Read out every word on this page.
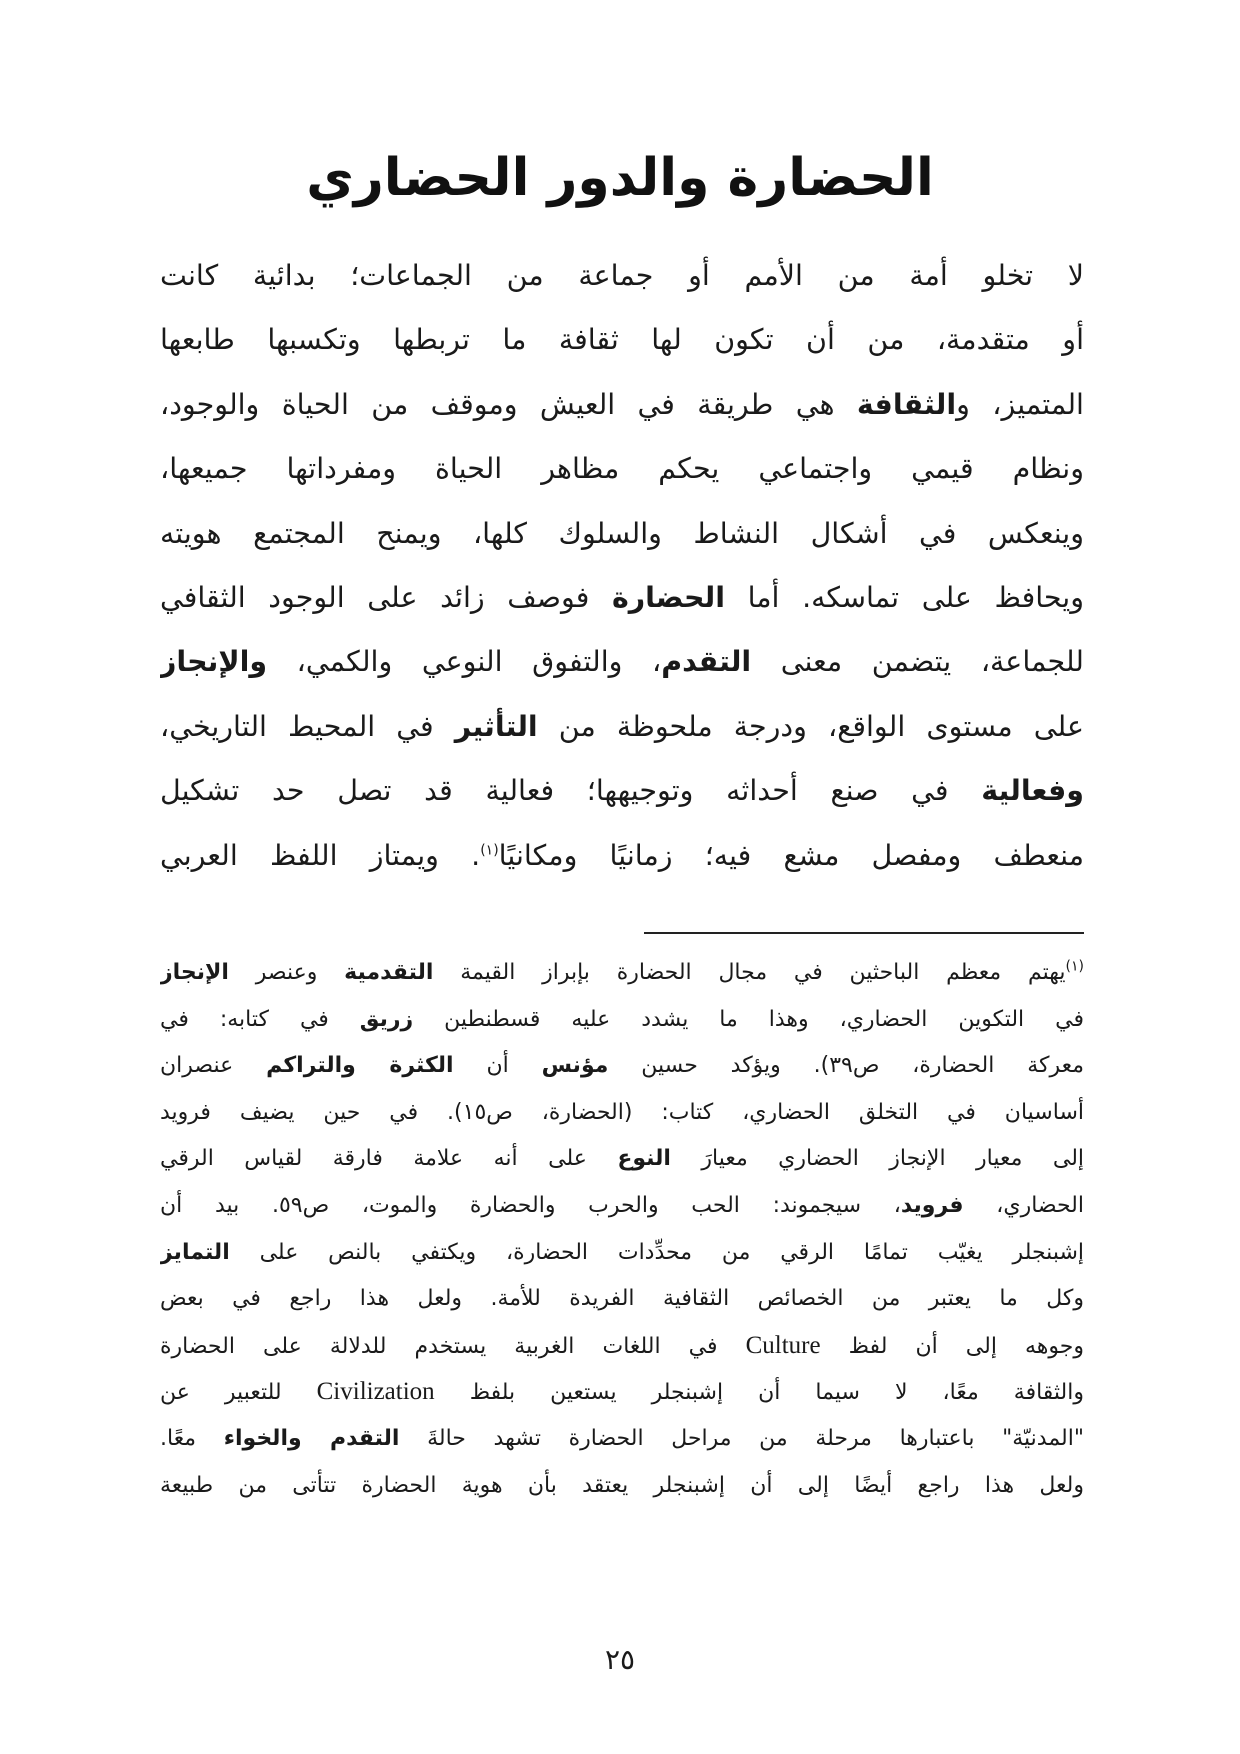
الحضارة والدور الحضاري
لا تخلو أمة من الأمم أو جماعة من الجماعات؛ بدائية كانت
أو متقدمة، من أن تكون لها ثقافة ما تربطها وتكسبها طابعها
المتميز، والثقافة هي طريقة في العيش وموقف من الحياة والوجود،
ونظام قيمي واجتماعي يحكم مظاهر الحياة ومفرداتها جميعها،
وينعكس في أشكال النشاط والسلوك كلها، ويمنح المجتمع هويته
ويحافظ على تماسكه. أما الحضارة فوصف زائد على الوجود الثقافي
للجماعة، يتضمن معنى التقدم، والتفوق النوعي والكمي، والإنجاز
على مستوى الواقع، ودرجة ملحوظة من التأثير في المحيط التاريخي،
وفعالية في صنع أحداثه وتوجيهها؛ فعالية قد تصل حد تشكيل
منعطف ومفصل مشع فيه؛ زمانيًا ومكانيًا$^{(١)}$. ويمتاز اللفظ العربي
$^{(١)}$يهتم معظم الباحثين في مجال الحضارة بإبراز القيمة التقدمية وعنصر الإنجاز
في التكوين الحضاري، وهذا ما يشدد عليه قسطنطين زريق في كتابه: في
معركة الحضارة، ص٣٩). ويؤكد حسين مؤنس أن الكثرة والتراكم عنصران
أساسيان في التخلق الحضاري، كتاب: (الحضارة، ص١٥). في حين يضيف فرويد
إلى معيار الإنجاز الحضاري معيارَ النوع على أنه علامة فارقة لقياس الرقي
الحضاري، فرويد، سيجموند: الحب والحرب والحضارة والموت، ص٥٩. بيد أن
إشبنجلر يغيّب تمامًا الرقي من محدِّدات الحضارة، ويكتفي بالنص على التمايز
وكل ما يعتبر من الخصائص الثقافية الفريدة للأمة. ولعل هذا راجع في بعض
وجوهه إلى أن لفظ Culture في اللغات الغربية يستخدم للدلالة على الحضارة
والثقافة معًا، لا سيما أن إشبنجلر يستعين بلفظ Civilization للتعبير عن
"المدنيّة" باعتبارها مرحلة من مراحل الحضارة تشهد حالةَ التقدم والخواء معًا.
ولعل هذا راجع أيضًا إلى أن إشبنجلر يعتقد بأن هوية الحضارة تتأتى من طبيعة
٢٥
